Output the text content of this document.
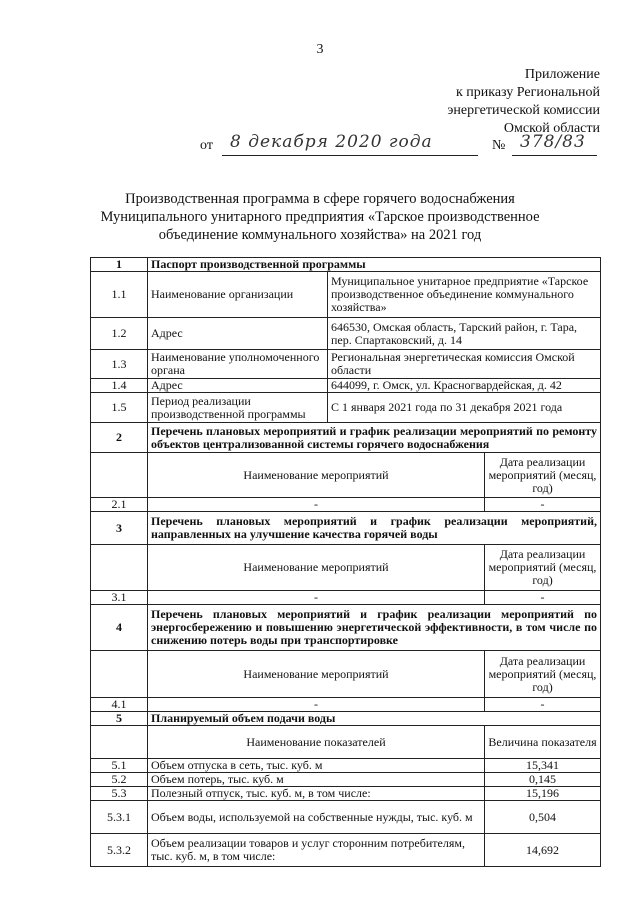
3
Приложение
к приказу Региональной
энергетической комиссии
Омской области
от 8 декабря 2020 года	№ 378/83
Производственная программа в сфере горячего водоснабжения
Муниципального унитарного предприятия «Тарское производственное
объединение коммунального хозяйства» на 2021 год
1	Паспорт производственной программы		
1.1	Наименование организации	Муниципальное унитарное предприятие «Тарское производственное объединение коммунального хозяйства»	
1.2	Адрес	646530, Омская область, Тарский район, г. Тара, пер. Спартаковский, д. 14	
1.3	Наименование уполномоченного органа	Региональная энергетическая комиссия Омской области	
1.4	Адрес	644099, г. Омск, ул. Красногвардейская, д. 42	
1.5	Период реализации производственной программы	С 1 января 2021 года по 31 декабря 2021 года	
2	Перечень плановых мероприятий и график реализации мероприятий по ремонту объектов централизованной системы горячего водоснабжения		
	Наименование мероприятий		Дата реализации мероприятий (месяц, год)
2.1	-		-
3	Перечень плановых мероприятий и график реализации мероприятий, направленных на улучшение качества горячей воды		
	Наименование мероприятий		Дата реализации мероприятий (месяц, год)
3.1	-		-
4	Перечень плановых мероприятий и график реализации мероприятий по энергосбережению и повышению энергетической эффективности, в том числе по снижению потерь воды при транспортировке		
	Наименование мероприятий		Дата реализации мероприятий (месяц, год)
4.1	-		-
5	Планируемый объем подачи воды		
	Наименование показателей		Величина показателя
5.1	Объем отпуска в сеть, тыс. куб. м		15,341
5.2	Объем потерь, тыс. куб. м		0,145
5.3	Полезный отпуск, тыс. куб. м, в том числе:		15,196
5.3.1	Объем воды, используемой на собственные нужды, тыс. куб. м		0,504
5.3.2	Объем реализации товаров и услуг сторонним потребителям, тыс. куб. м, в том числе:		14,692
